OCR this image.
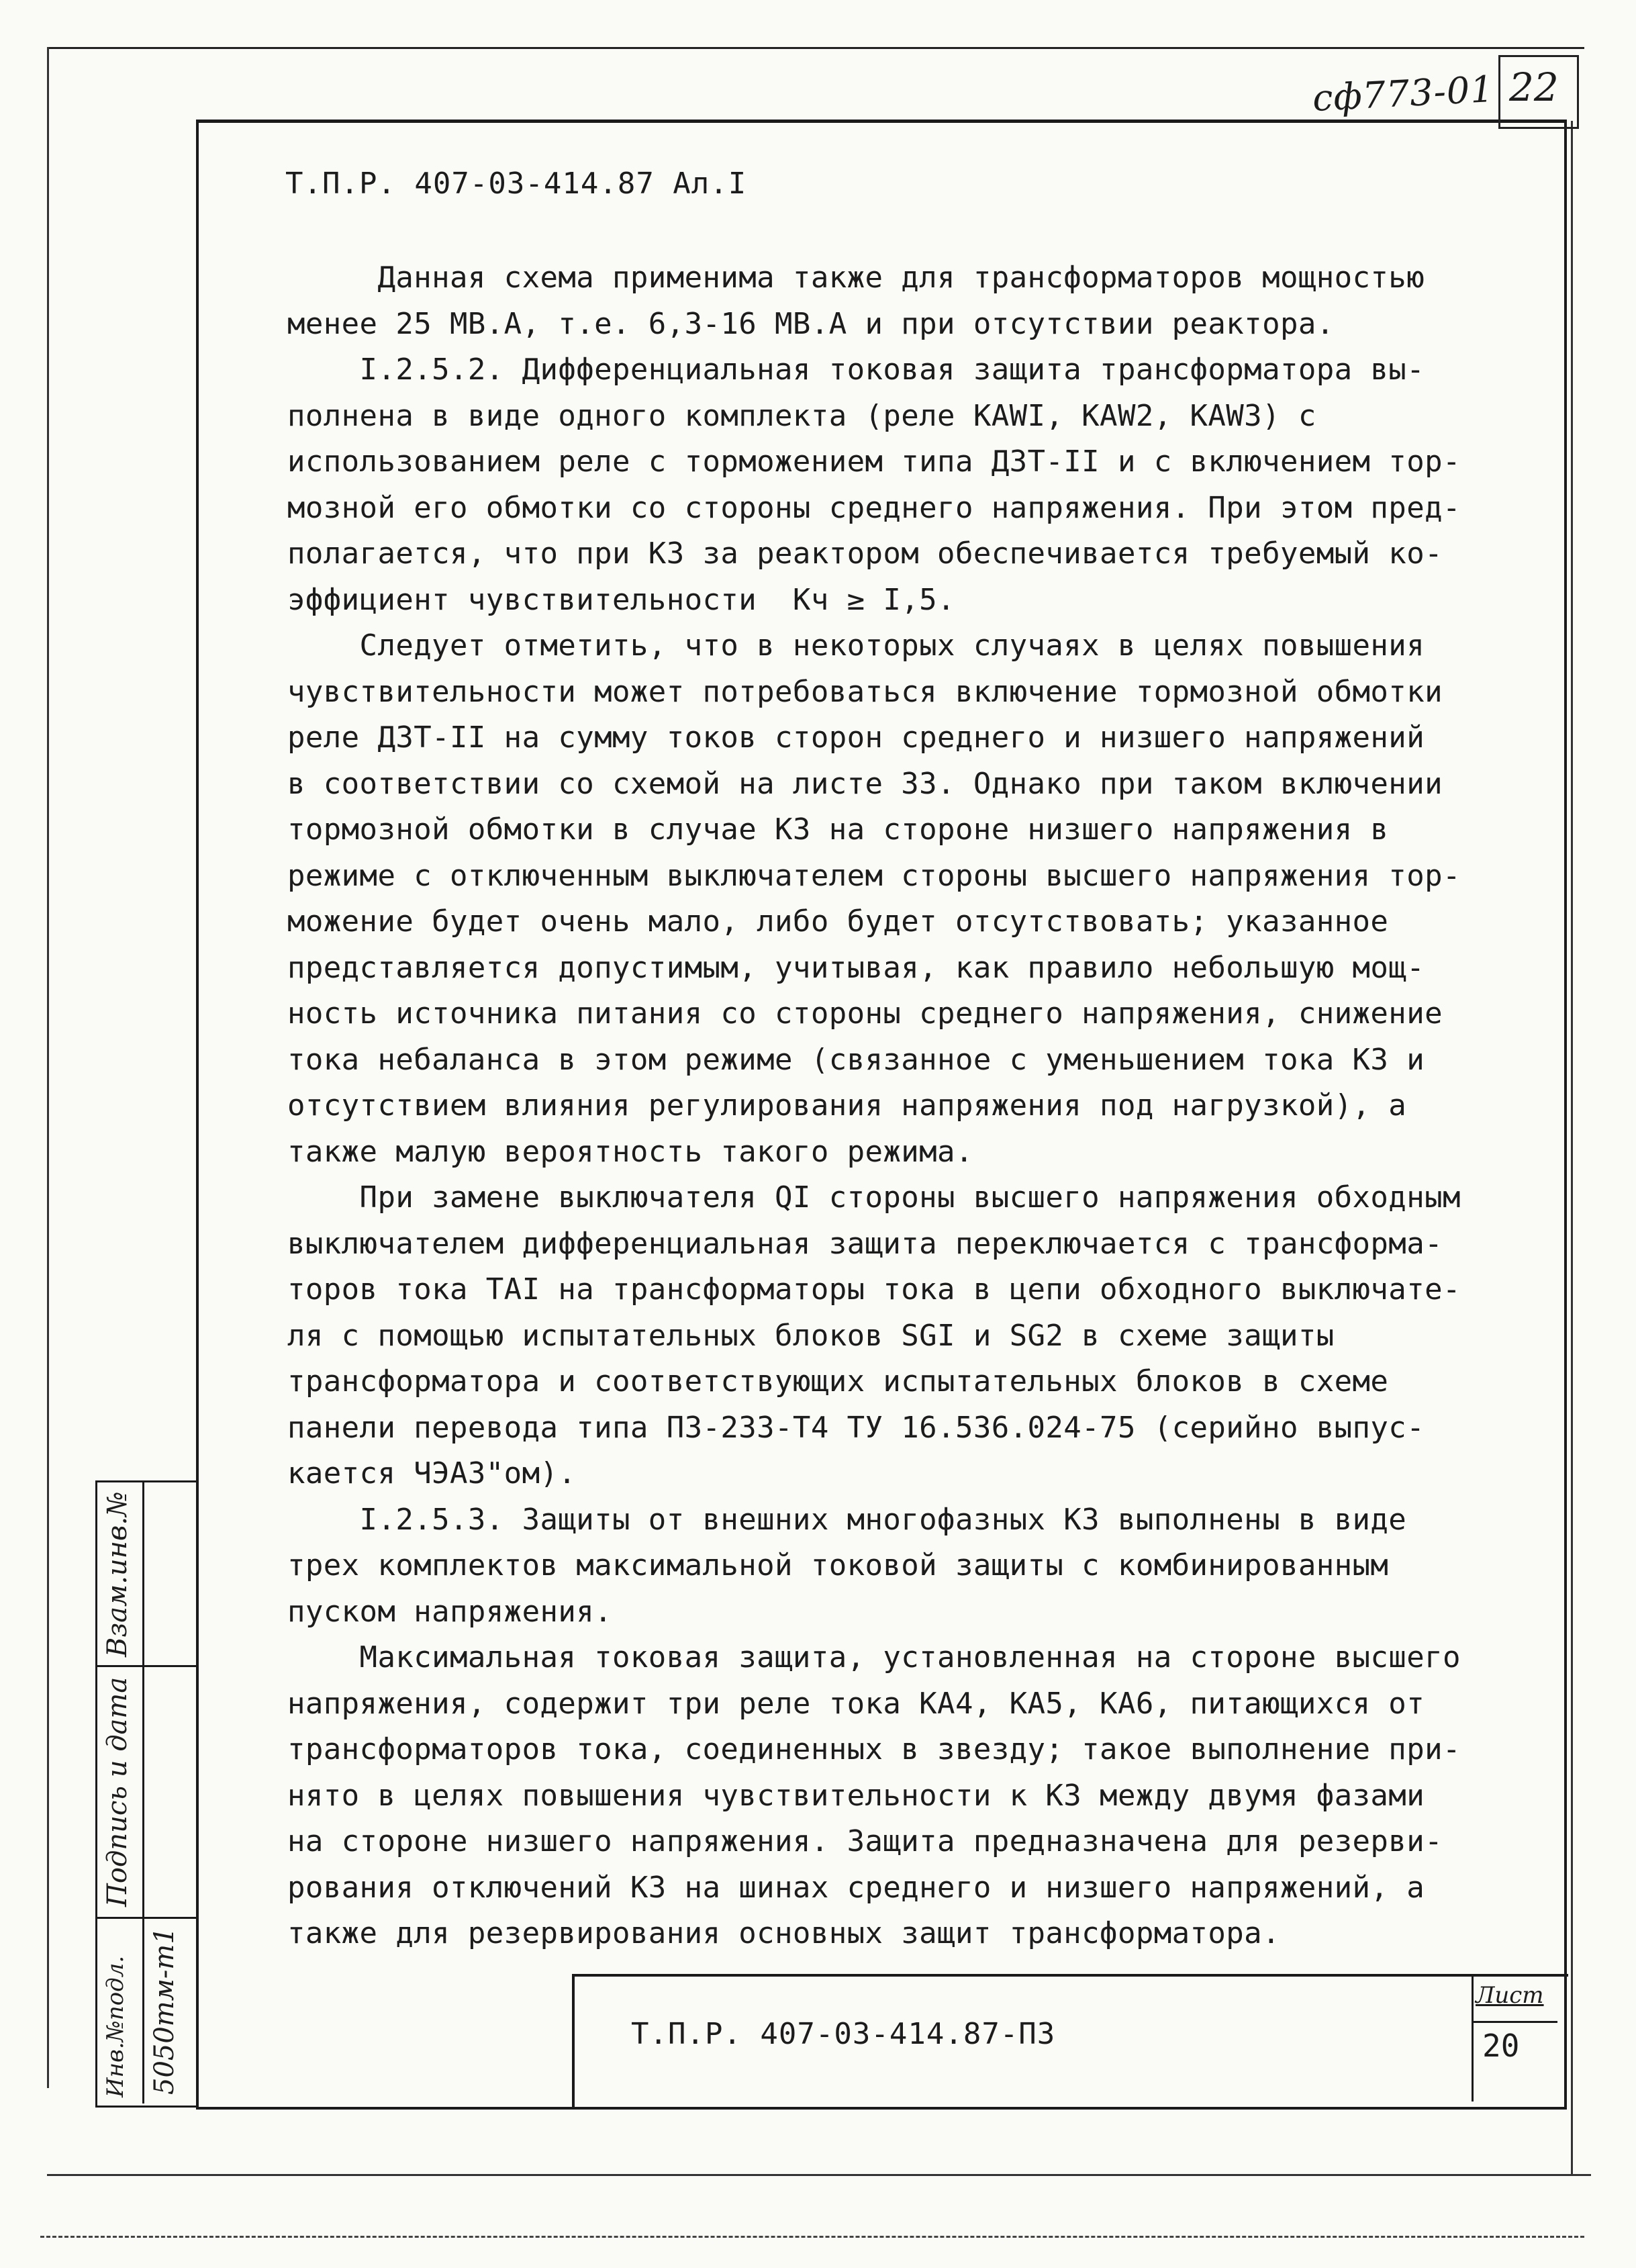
сф773-01 22
Т.П.Р. 407-03-414.87 Ал.I
Данная схема применима также для трансформаторов мощностью
менее 25 МВ.А, т.е. 6,3-16 МВ.А и при отсутствии реактора.
I.2.5.2. Дифференциальная токовая защита трансформатора вы-
полнена в виде одного комплекта (реле KAWI, KAW2, KAW3) с
использованием реле с торможением типа ДЗТ-II и с включением тор-
мозной его обмотки со стороны среднего напряжения. При этом пред-
полагается, что при КЗ за реактором обеспечивается требуемый ко-
эффициент чувствительности  Kч ≥ I,5.
Следует отметить, что в некоторых случаях в целях повышения
чувствительности может потребоваться включение тормозной обмотки
реле ДЗТ-II на сумму токов сторон среднего и низшего напряжений
в соответствии со схемой на листе 33. Однако при таком включении
тормозной обмотки в случае КЗ на стороне низшего напряжения в
режиме с отключенным выключателем стороны высшего напряжения тор-
можение будет очень мало, либо будет отсутствовать; указанное
представляется допустимым, учитывая, как правило небольшую мощ-
ность источника питания со стороны среднего напряжения, снижение
тока небаланса в этом режиме (связанное с уменьшением тока КЗ и
отсутствием влияния регулирования напряжения под нагрузкой), а
также малую вероятность такого режима.
При замене выключателя QI стороны высшего напряжения обходным
выключателем дифференциальная защита переключается с трансформа-
торов тока ТАI на трансформаторы тока в цепи обходного выключате-
ля с помощью испытательных блоков SGI и SG2 в схеме защиты
трансформатора и соответствующих испытательных блоков в схеме
панели перевода типа ПЗ-233-Т4 ТУ 16.536.024-75 (серийно выпус-
кается ЧЭАЗ"ом).
I.2.5.3. Защиты от внешних многофазных КЗ выполнены в виде
трех комплектов максимальной токовой защиты с комбинированным
пуском напряжения.
Максимальная токовая защита, установленная на стороне высшего
напряжения, содержит три реле тока КА4, КА5, КА6, питающихся от
трансформаторов тока, соединенных в звезду; такое выполнение при-
нято в целях повышения чувствительности к КЗ между двумя фазами
на стороне низшего напряжения. Защита предназначена для резерви-
рования отключений КЗ на шинах среднего и низшего напряжений, а
также для резервирования основных защит трансформатора.
Т.П.Р. 407-03-414.87-ПЗ
Лист
20
Взам.инв.№
Подпись и дата
Инв.№подл. 5050тм-т1
